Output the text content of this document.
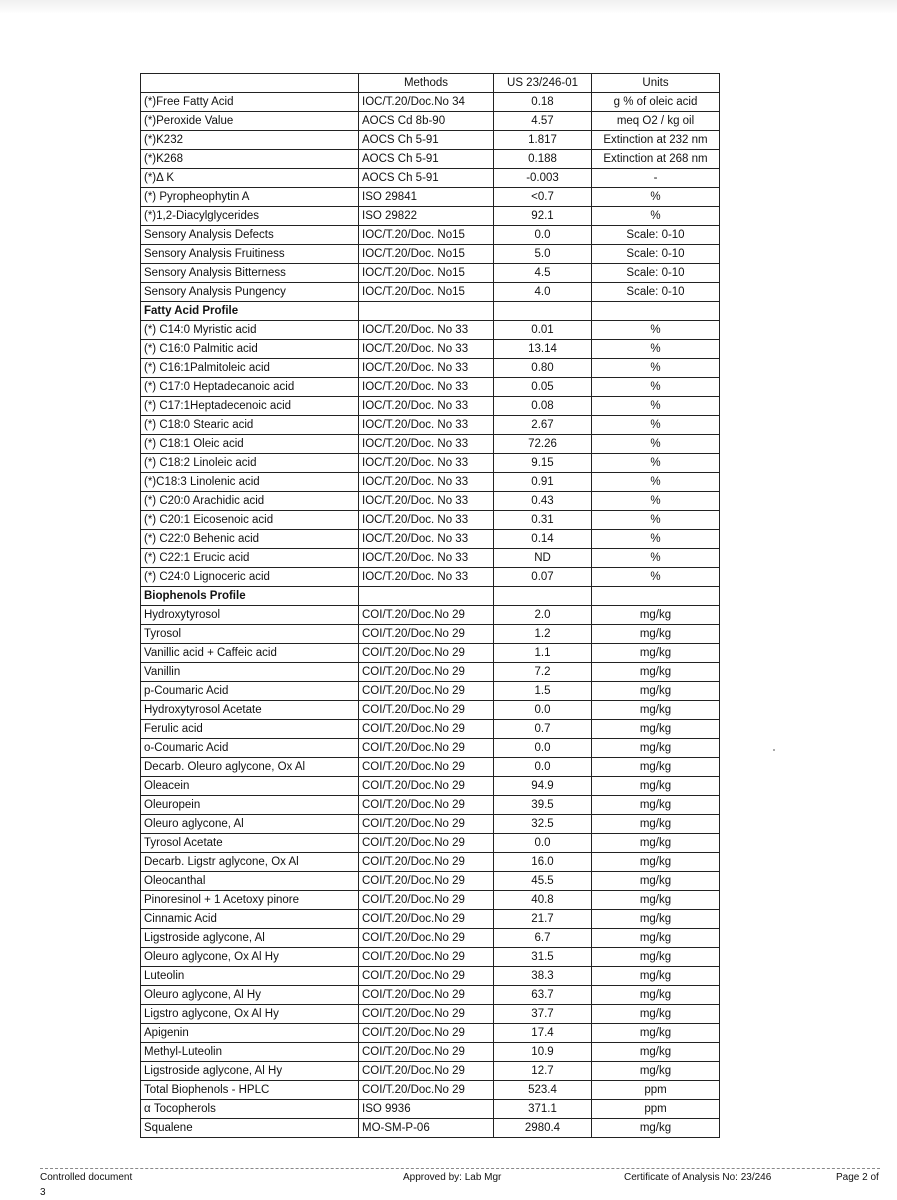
	Methods	US 23/246-01	Units
(*)Free Fatty Acid	IOC/T.20/Doc.No 34	0.18	g % of oleic acid
(*)Peroxide Value	AOCS Cd 8b-90	4.57	meq O2 / kg oil
(*)K232	AOCS Ch 5-91	1.817	Extinction at 232 nm
(*)K268	AOCS Ch 5-91	0.188	Extinction at 268 nm
(*)Δ K	AOCS Ch 5-91	-0.003	-
(*) Pyropheophytin A	ISO 29841	<0.7	%
(*)1,2-Diacylglycerides	ISO 29822	92.1	%
Sensory Analysis Defects	IOC/T.20/Doc. No15	0.0	Scale: 0-10
Sensory Analysis Fruitiness	IOC/T.20/Doc. No15	5.0	Scale: 0-10
Sensory Analysis Bitterness	IOC/T.20/Doc. No15	4.5	Scale: 0-10
Sensory Analysis Pungency	IOC/T.20/Doc. No15	4.0	Scale: 0-10
Fatty Acid Profile			
(*) C14:0 Myristic acid	IOC/T.20/Doc. No 33	0.01	%
(*) C16:0 Palmitic acid	IOC/T.20/Doc. No 33	13.14	%
(*) C16:1Palmitoleic acid	IOC/T.20/Doc. No 33	0.80	%
(*) C17:0 Heptadecanoic acid	IOC/T.20/Doc. No 33	0.05	%
(*) C17:1Heptadecenoic acid	IOC/T.20/Doc. No 33	0.08	%
(*) C18:0 Stearic acid	IOC/T.20/Doc. No 33	2.67	%
(*) C18:1 Oleic acid	IOC/T.20/Doc. No 33	72.26	%
(*) C18:2 Linoleic acid	IOC/T.20/Doc. No 33	9.15	%
(*)C18:3 Linolenic acid	IOC/T.20/Doc. No 33	0.91	%
(*) C20:0 Arachidic acid	IOC/T.20/Doc. No 33	0.43	%
(*) C20:1 Eicosenoic acid	IOC/T.20/Doc. No 33	0.31	%
(*) C22:0 Behenic acid	IOC/T.20/Doc. No 33	0.14	%
(*) C22:1 Erucic acid	IOC/T.20/Doc. No 33	ND	%
(*) C24:0 Lignoceric acid	IOC/T.20/Doc. No 33	0.07	%
Biophenols Profile			
Hydroxytyrosol	COI/T.20/Doc.No 29	2.0	mg/kg
Tyrosol	COI/T.20/Doc.No 29	1.2	mg/kg
Vanillic acid + Caffeic acid	COI/T.20/Doc.No 29	1.1	mg/kg
Vanillin	COI/T.20/Doc.No 29	7.2	mg/kg
p-Coumaric Acid	COI/T.20/Doc.No 29	1.5	mg/kg
Hydroxytyrosol Acetate	COI/T.20/Doc.No 29	0.0	mg/kg
Ferulic acid	COI/T.20/Doc.No 29	0.7	mg/kg
o-Coumaric Acid	COI/T.20/Doc.No 29	0.0	mg/kg
Decarb. Oleuro aglycone, Ox Al	COI/T.20/Doc.No 29	0.0	mg/kg
Oleacein	COI/T.20/Doc.No 29	94.9	mg/kg
Oleuropein	COI/T.20/Doc.No 29	39.5	mg/kg
Oleuro aglycone, Al	COI/T.20/Doc.No 29	32.5	mg/kg
Tyrosol Acetate	COI/T.20/Doc.No 29	0.0	mg/kg
Decarb. Ligstr aglycone, Ox Al	COI/T.20/Doc.No 29	16.0	mg/kg
Oleocanthal	COI/T.20/Doc.No 29	45.5	mg/kg
Pinoresinol + 1 Acetoxy pinore	COI/T.20/Doc.No 29	40.8	mg/kg
Cinnamic Acid	COI/T.20/Doc.No 29	21.7	mg/kg
Ligstroside aglycone, Al	COI/T.20/Doc.No 29	6.7	mg/kg
Oleuro aglycone, Ox Al Hy	COI/T.20/Doc.No 29	31.5	mg/kg
Luteolin	COI/T.20/Doc.No 29	38.3	mg/kg
Oleuro aglycone, Al Hy	COI/T.20/Doc.No 29	63.7	mg/kg
Ligstro aglycone, Ox Al Hy	COI/T.20/Doc.No 29	37.7	mg/kg
Apigenin	COI/T.20/Doc.No 29	17.4	mg/kg
Methyl-Luteolin	COI/T.20/Doc.No 29	10.9	mg/kg
Ligstroside aglycone, Al Hy	COI/T.20/Doc.No 29	12.7	mg/kg
Total Biophenols - HPLC	COI/T.20/Doc.No 29	523.4	ppm
α Tocopherols	ISO 9936	371.1	ppm
Squalene	MO-SM-P-06	2980.4	mg/kg
Controlled document	Approved by: Lab Mgr	Certificate of Analysis No: 23/246	Page 2 of
3
